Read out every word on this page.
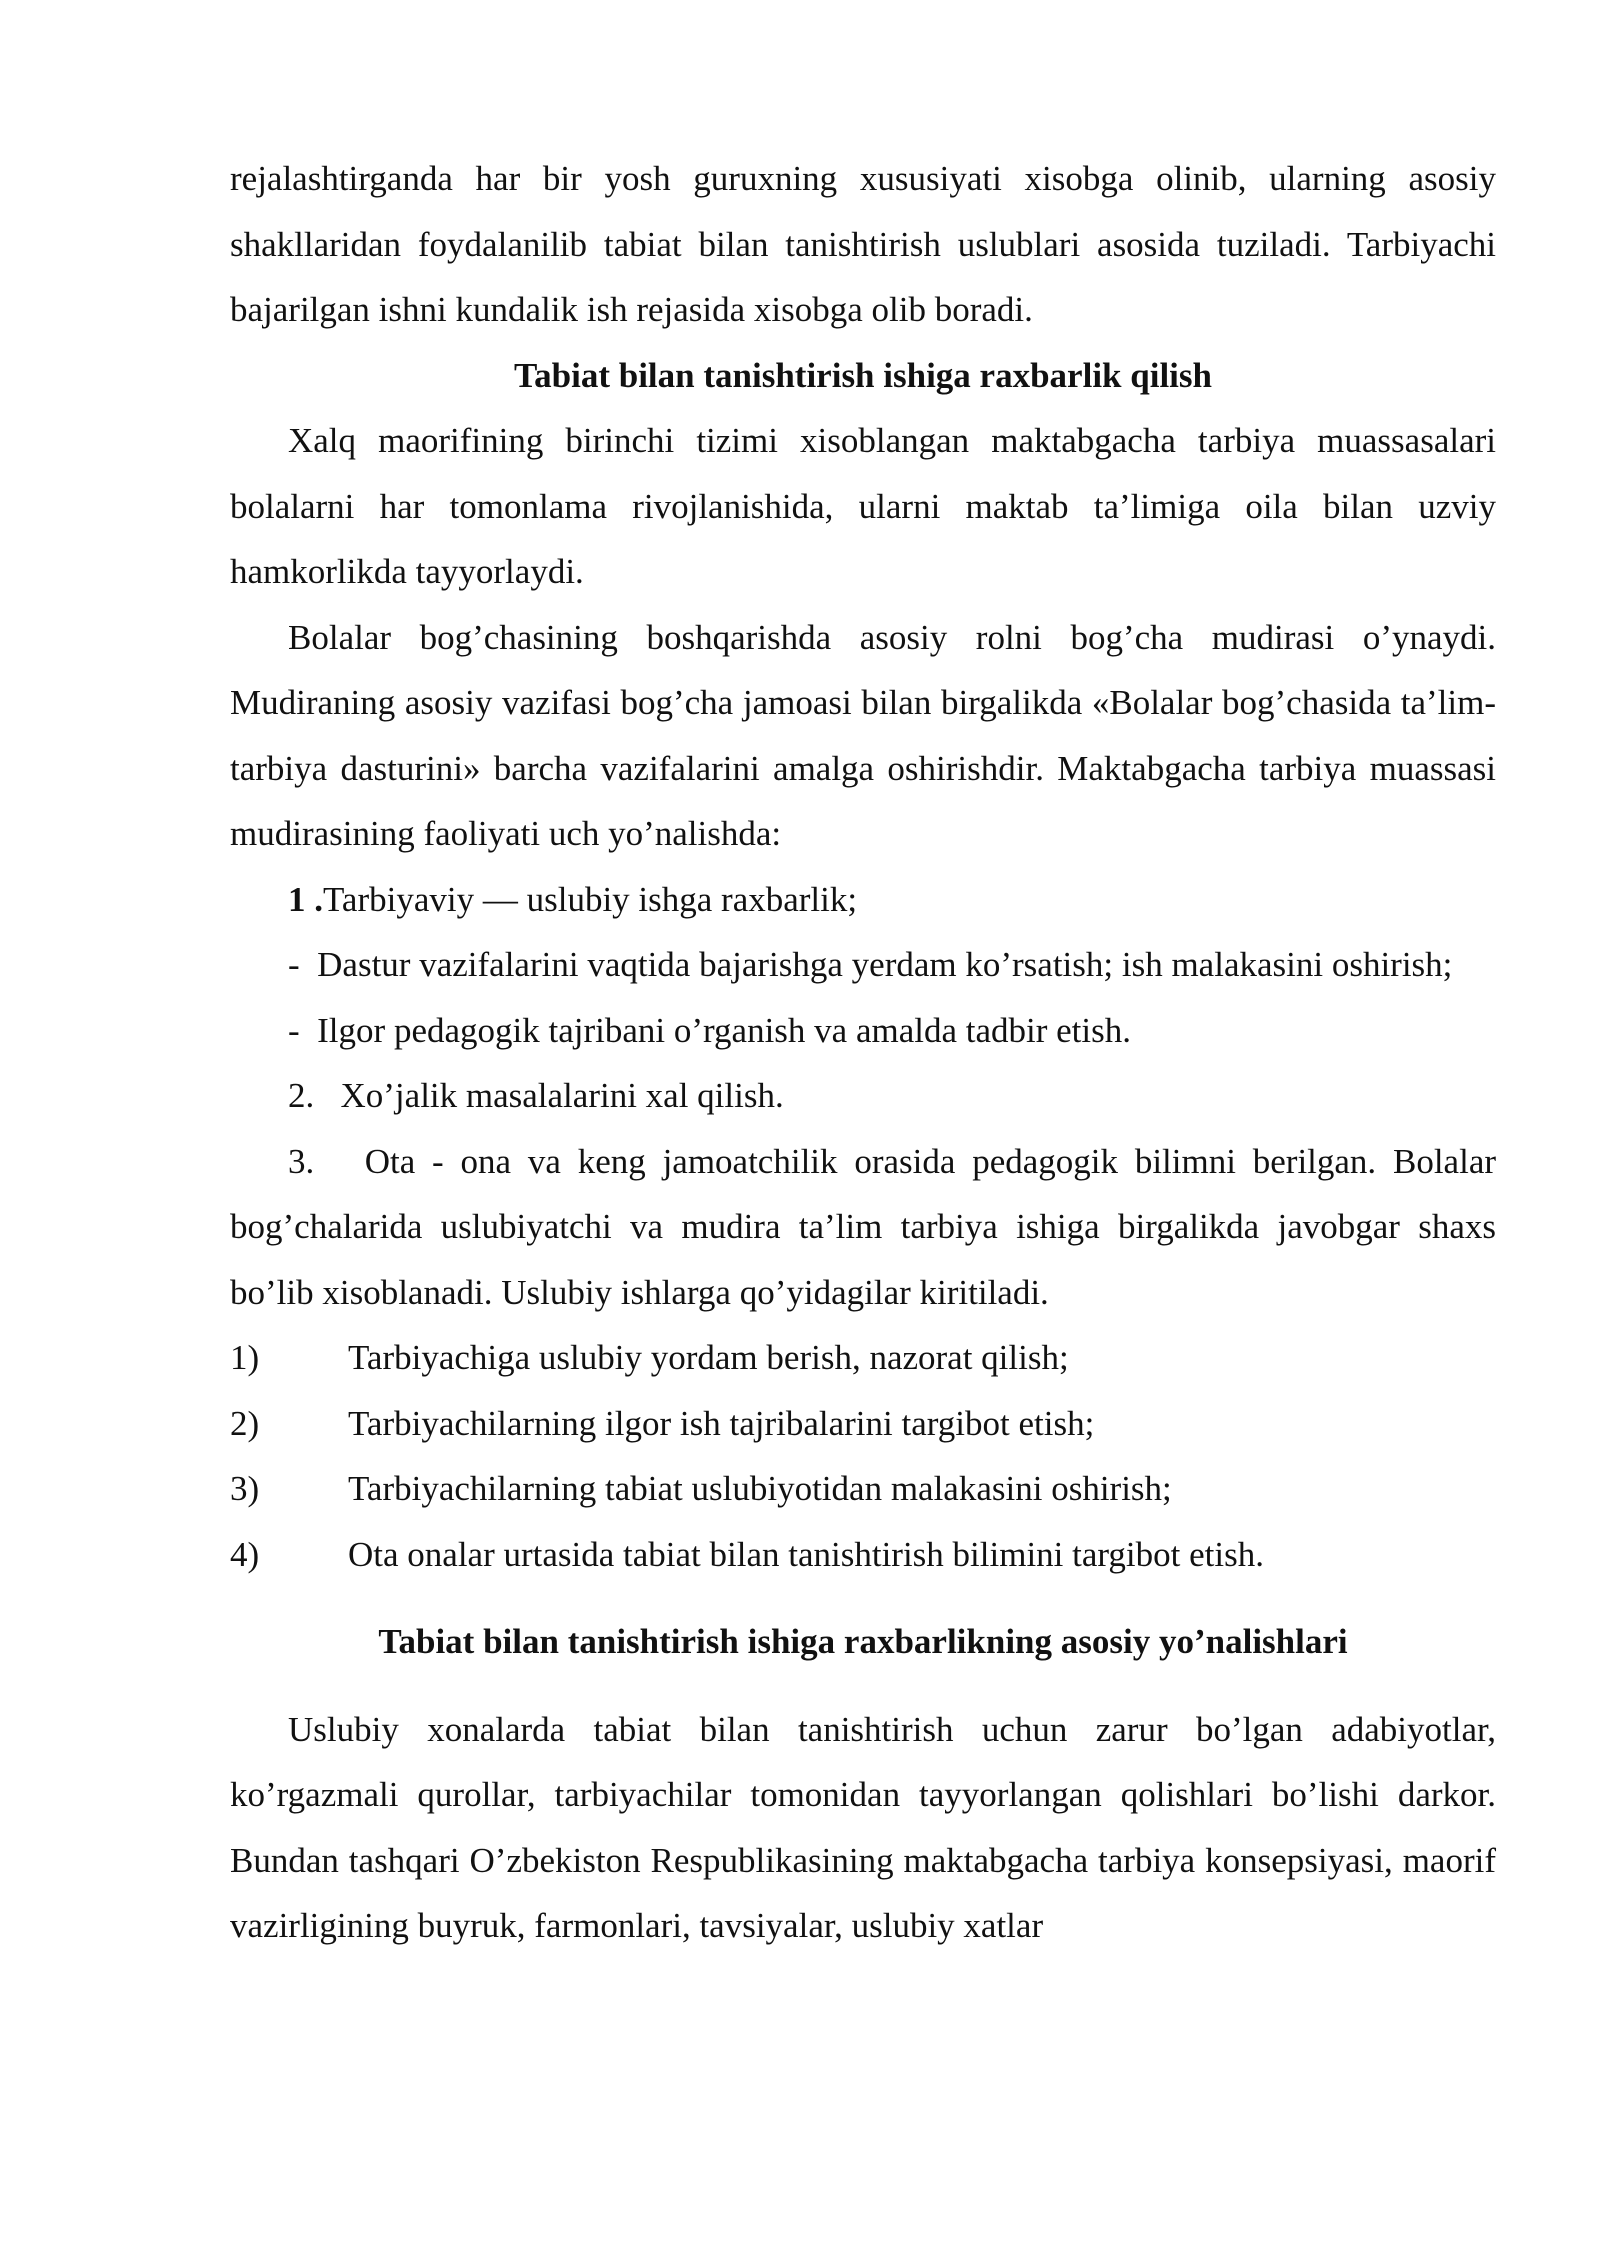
rejalashtirganda har bir yosh guruxning xususiyati xisobga olinib, ularning asosiy shakllaridan foydalanilib tabiat bilan tanishtirish uslublari asosida tuziladi. Tarbiyachi bajarilgan ishni kundalik ish rejasida xisobga olib boradi.

Tabiat bilan tanishtirish ishiga raxbarlik qilish

Xalq maorifining birinchi tizimi xisoblangan maktabgacha tarbiya muassasalari bolalarni har tomonlama rivojlanishida, ularni maktab ta’limiga oila bilan uzviy hamkorlikda tayyorlaydi.

Bolalar bog’chasining boshqarishda asosiy rolni bog’cha mudirasi o’ynaydi. Mudiraning asosiy vazifasi bog’cha jamoasi bilan birgalikda «Bolalar bog’chasida ta’lim-tarbiya dasturini» barcha vazifalarini amalga oshirishdir. Maktabgacha tarbiya muassasi mudirasining faoliyati uch yo’nalishda:

1 .Tarbiyaviy — uslubiy ishga raxbarlik;

- Dastur vazifalarini vaqtida bajarishga yerdam ko’rsatish; ish malakasini oshirish;

- Ilgor pedagogik tajribani o’rganish va amalda tadbir etish.

2. Xo’jalik masalalarini xal qilish.

3. Ota - ona va keng jamoatchilik orasida pedagogik bilimni berilgan. Bolalar bog’chalarida uslubiyatchi va mudira ta’lim tarbiya ishiga birgalikda javobgar shaxs bo’lib xisoblanadi. Uslubiy ishlarga qo’yidagilar kiritiladi.

1)	Tarbiyachiga uslubiy yordam berish, nazorat qilish;

2)	Tarbiyachilarning ilgor ish tajribalarini targibot etish;

3)	Tarbiyachilarning tabiat uslubiyotidan malakasini oshirish;

4)	Ota onalar urtasida tabiat bilan tanishtirish bilimini targibot etish.

Tabiat bilan tanishtirish ishiga raxbarlikning asosiy yo’nalishlari

Uslubiy xonalarda tabiat bilan tanishtirish uchun zarur bo’lgan adabiyotlar, ko’rgazmali qurollar, tarbiyachilar tomonidan tayyorlangan qolishlari bo’lishi darkor. Bundan tashqari O’zbekiston Respublikasining maktabgacha tarbiya konsepsiyasi, maorif vazirligining buyruk, farmonlari, tavsiyalar, uslubiy xatlar
